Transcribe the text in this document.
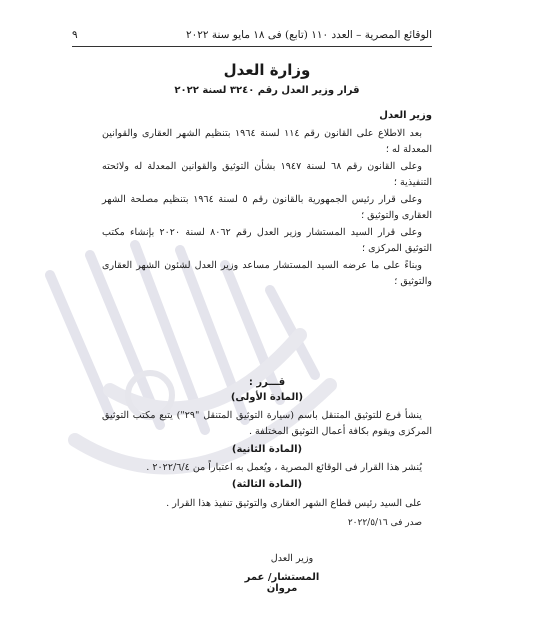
الوقائع المصرية – العدد ١١٠ (تابع) فى ١٨ مايو سنة ٢٠٢٢
٩
وزارة العدل
قرار وزير العدل رقم ٣٢٤٠ لسنة ٢٠٢٢
وزير العدل

بعد الاطلاع على القانون رقم ١١٤ لسنة ١٩٦٤ بتنظيم الشهر العقارى والقوانين المعدلة له ؛

وعلى القانون رقم ٦٨ لسنة ١٩٤٧ بشأن التوثيق والقوانين المعدلة له ولائحته التنفيذية ؛

وعلى قرار رئيس الجمهورية بالقانون رقم ٥ لسنة ١٩٦٤ بتنظيم مصلحة الشهر العقارى والتوثيق ؛

وعلى قرار السيد المستشار وزير العدل رقم ٨٠٦٢ لسنة ٢٠٢٠ بإنشاء مكتب التوثيق المركزى ؛

وبناءً على ما عرضه السيد المستشار مساعد وزير العدل لشئون الشهر العقارى والتوثيق ؛

قـــرر :
(المادة الأولى)

ينشأ فرع للتوثيق المتنقل باسم (سيارة التوثيق المتنقل "٢٩") يتبع مكتب التوثيق المركزى ويقوم بكافة أعمال التوثيق المختلفة .

(المادة الثانية)

يُنشر هذا القرار فى الوقائع المصرية ، ويُعمل به اعتباراً من ٢٠٢٢/٦/٤ .

(المادة الثالثة)

على السيد رئيس قطاع الشهر العقارى والتوثيق تنفيذ هذا القرار .

صدر فى ٢٠٢٢/٥/١٦

وزير العدل
المستشار/ عمر مروان
